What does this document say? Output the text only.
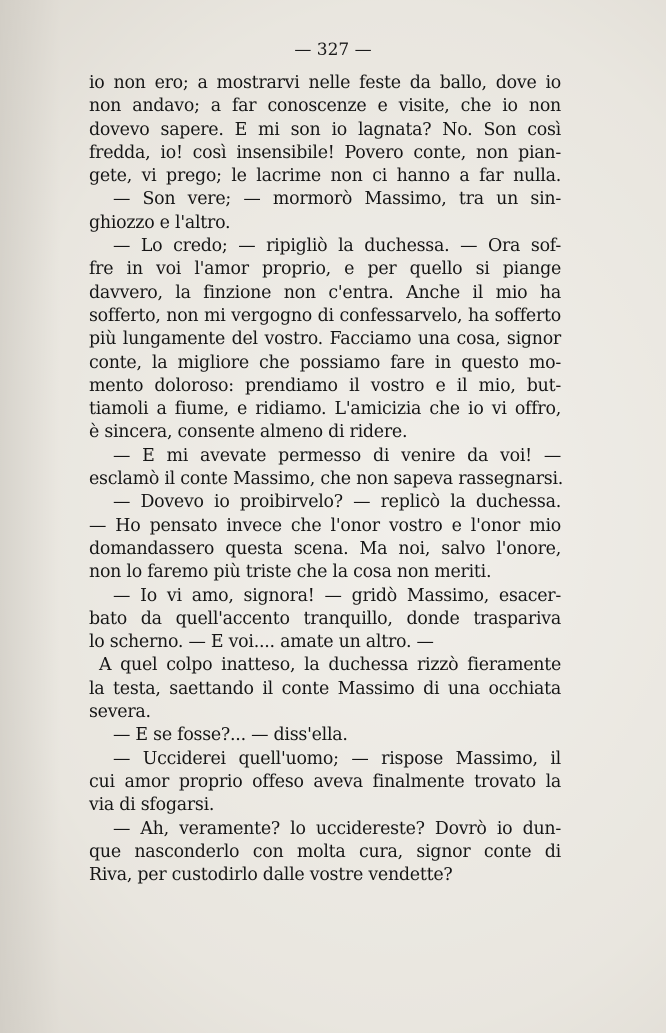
— 327 —
io non ero; a mostrarvi nelle feste da ballo, dove io
non andavo; a far conoscenze e visite, che io non
dovevo sapere. E mi son io lagnata? No. Son così
fredda, io! così insensibile! Povero conte, non pian-
gete, vi prego; le lacrime non ci hanno a far nulla.
— Son vere; — mormorò Massimo, tra un sin-
ghiozzo e l'altro.
— Lo credo; — ripigliò la duchessa. — Ora sof-
fre in voi l'amor proprio, e per quello si piange
davvero, la finzione non c'entra. Anche il mio ha
sofferto, non mi vergogno di confessarvelo, ha sofferto
più lungamente del vostro. Facciamo una cosa, signor
conte, la migliore che possiamo fare in questo mo-
mento doloroso: prendiamo il vostro e il mio, but-
tiamoli a fiume, e ridiamo. L'amicizia che io vi offro,
è sincera, consente almeno di ridere.
— E mi avevate permesso di venire da voi! —
esclamò il conte Massimo, che non sapeva rassegnarsi.
— Dovevo io proibirvelo? — replicò la duchessa.
— Ho pensato invece che l'onor vostro e l'onor mio
domandassero questa scena. Ma noi, salvo l'onore,
non lo faremo più triste che la cosa non meriti.
— Io vi amo, signora! — gridò Massimo, esacer-
bato da quell'accento tranquillo, donde traspariva
lo scherno. — E voi.... amate un altro. —
A quel colpo inatteso, la duchessa rizzò fieramente
la testa, saettando il conte Massimo di una occhiata
severa.
— E se fosse?... — diss'ella.
— Ucciderei quell'uomo; — rispose Massimo, il
cui amor proprio offeso aveva finalmente trovato la
via di sfogarsi.
— Ah, veramente? lo uccidereste? Dovrò io dun-
que nasconderlo con molta cura, signor conte di
Riva, per custodirlo dalle vostre vendette?
